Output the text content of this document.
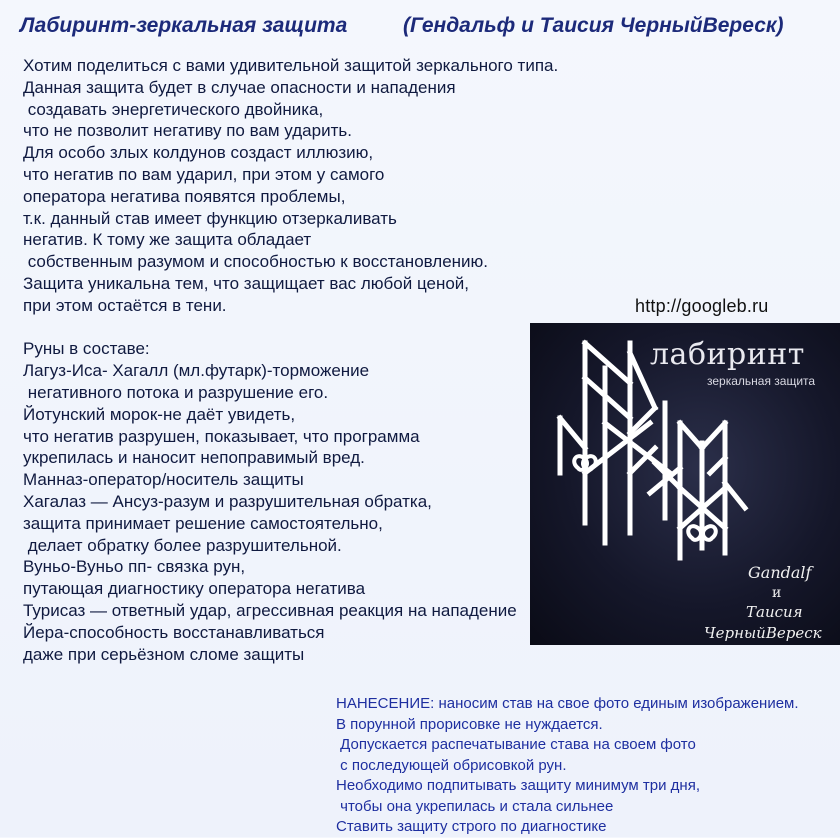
Лабиринт-зеркальная защита	(Гендальф и Таисия ЧерныйВереск)
Хотим поделиться с вами удивительной защитой зеркального типа.
Данная защита будет в случае опасности и нападения
создавать энергетического двойника,
что не позволит негативу по вам ударить.
Для особо злых колдунов создаст иллюзию,
что негатив по вам ударил, при этом у самого
оператора негатива появятся проблемы,
т.к. данный став имеет функцию отзеркаливать
негатив. К тому же защита обладает
собственным разумом и способностью к восстановлению.
Защита уникальна тем, что защищает вас любой ценой,
при этом остаётся в тени.
Руны в составе:
Лагуз-Иса- Хагалл (мл.футарк)-торможение
негативного потока и разрушение его.
Йотунский морок-не даёт увидеть,
что негатив разрушен, показывает, что программа
укрепилась и наносит непоправимый вред.
Манназ-оператор/носитель защиты
Хагалаз — Ансуз-разум и разрушительная обратка,
защита принимает решение самостоятельно,
делает обратку более разрушительной.
Вуньо-Вуньо пп- связка рун,
путающая диагностику оператора негатива
Турисаз — ответный удар, агрессивная реакция на нападение
Йера-способность восстанавливаться
даже при серьёзном сломе защиты
http://googleb.ru
лабиринт
зеркальная защита
Gandalf
и
Таисия
ЧерныйВереск
НАНЕСЕНИЕ: наносим став на свое фото единым изображением.
В порунной прорисовке не нуждается.
Допускается распечатывание става на своем фото
с последующей обрисовкой рун.
Необходимо подпитывать защиту минимум три дня,
чтобы она укрепилась и стала сильнее
Ставить защиту строго по диагностике
